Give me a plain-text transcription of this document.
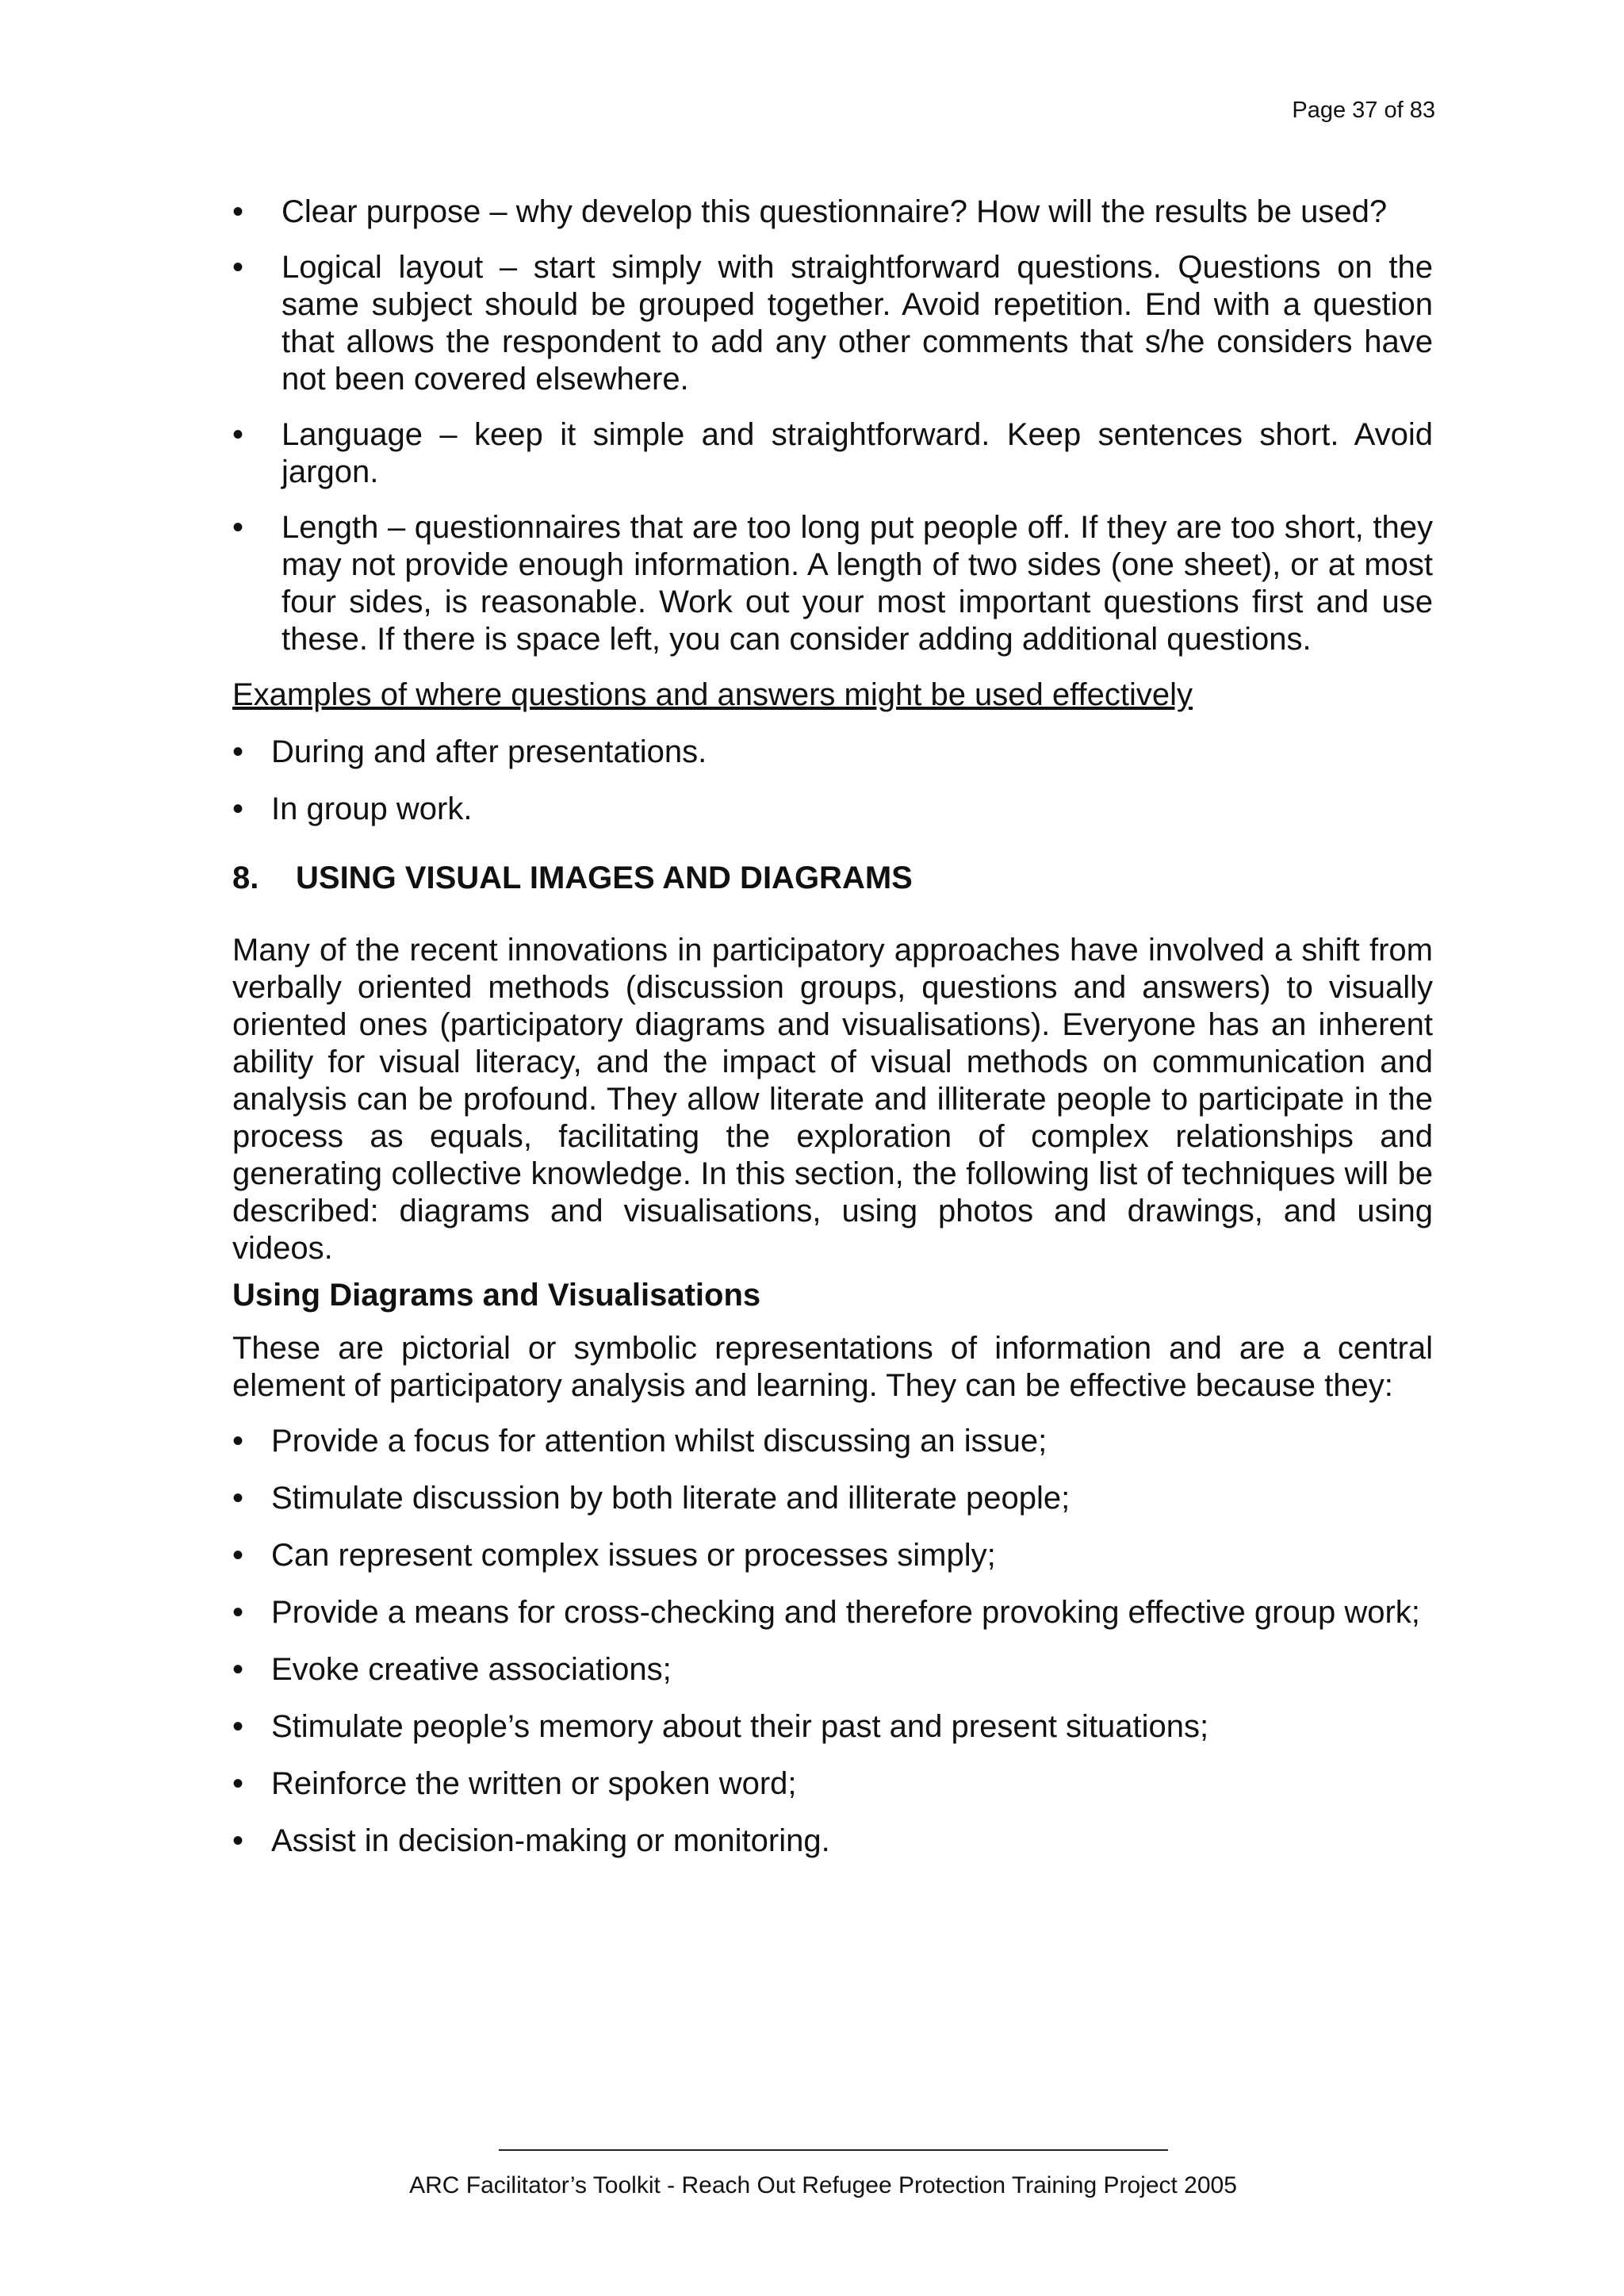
Page 37 of 83
• Clear purpose – why develop this questionnaire? How will the results be used?
• Logical layout – start simply with straightforward questions. Questions on the same subject should be grouped together. Avoid repetition. End with a question that allows the respondent to add any other comments that s/he considers have not been covered elsewhere.
• Language – keep it simple and straightforward. Keep sentences short. Avoid jargon.
• Length – questionnaires that are too long put people off. If they are too short, they may not provide enough information. A length of two sides (one sheet), or at most four sides, is reasonable. Work out your most important questions first and use these. If there is space left, you can consider adding additional questions.

Examples of where questions and answers might be used effectively

• During and after presentations.
• In group work.
8. USING VISUAL IMAGES AND DIAGRAMS

Many of the recent innovations in participatory approaches have involved a shift from verbally oriented methods (discussion groups, questions and answers) to visually oriented ones (participatory diagrams and visualisations). Everyone has an inherent ability for visual literacy, and the impact of visual methods on communication and analysis can be profound. They allow literate and illiterate people to participate in the process as equals, facilitating the exploration of complex relationships and generating collective knowledge. In this section, the following list of techniques will be described: diagrams and visualisations, using photos and drawings, and using videos.

Using Diagrams and Visualisations

These are pictorial or symbolic representations of information and are a central element of participatory analysis and learning. They can be effective because they:

• Provide a focus for attention whilst discussing an issue;
• Stimulate discussion by both literate and illiterate people;
• Can represent complex issues or processes simply;
• Provide a means for cross-checking and therefore provoking effective group work;
• Evoke creative associations;
• Stimulate people’s memory about their past and present situations;
• Reinforce the written or spoken word;
• Assist in decision-making or monitoring.
ARC Facilitator’s Toolkit - Reach Out Refugee Protection Training Project 2005
